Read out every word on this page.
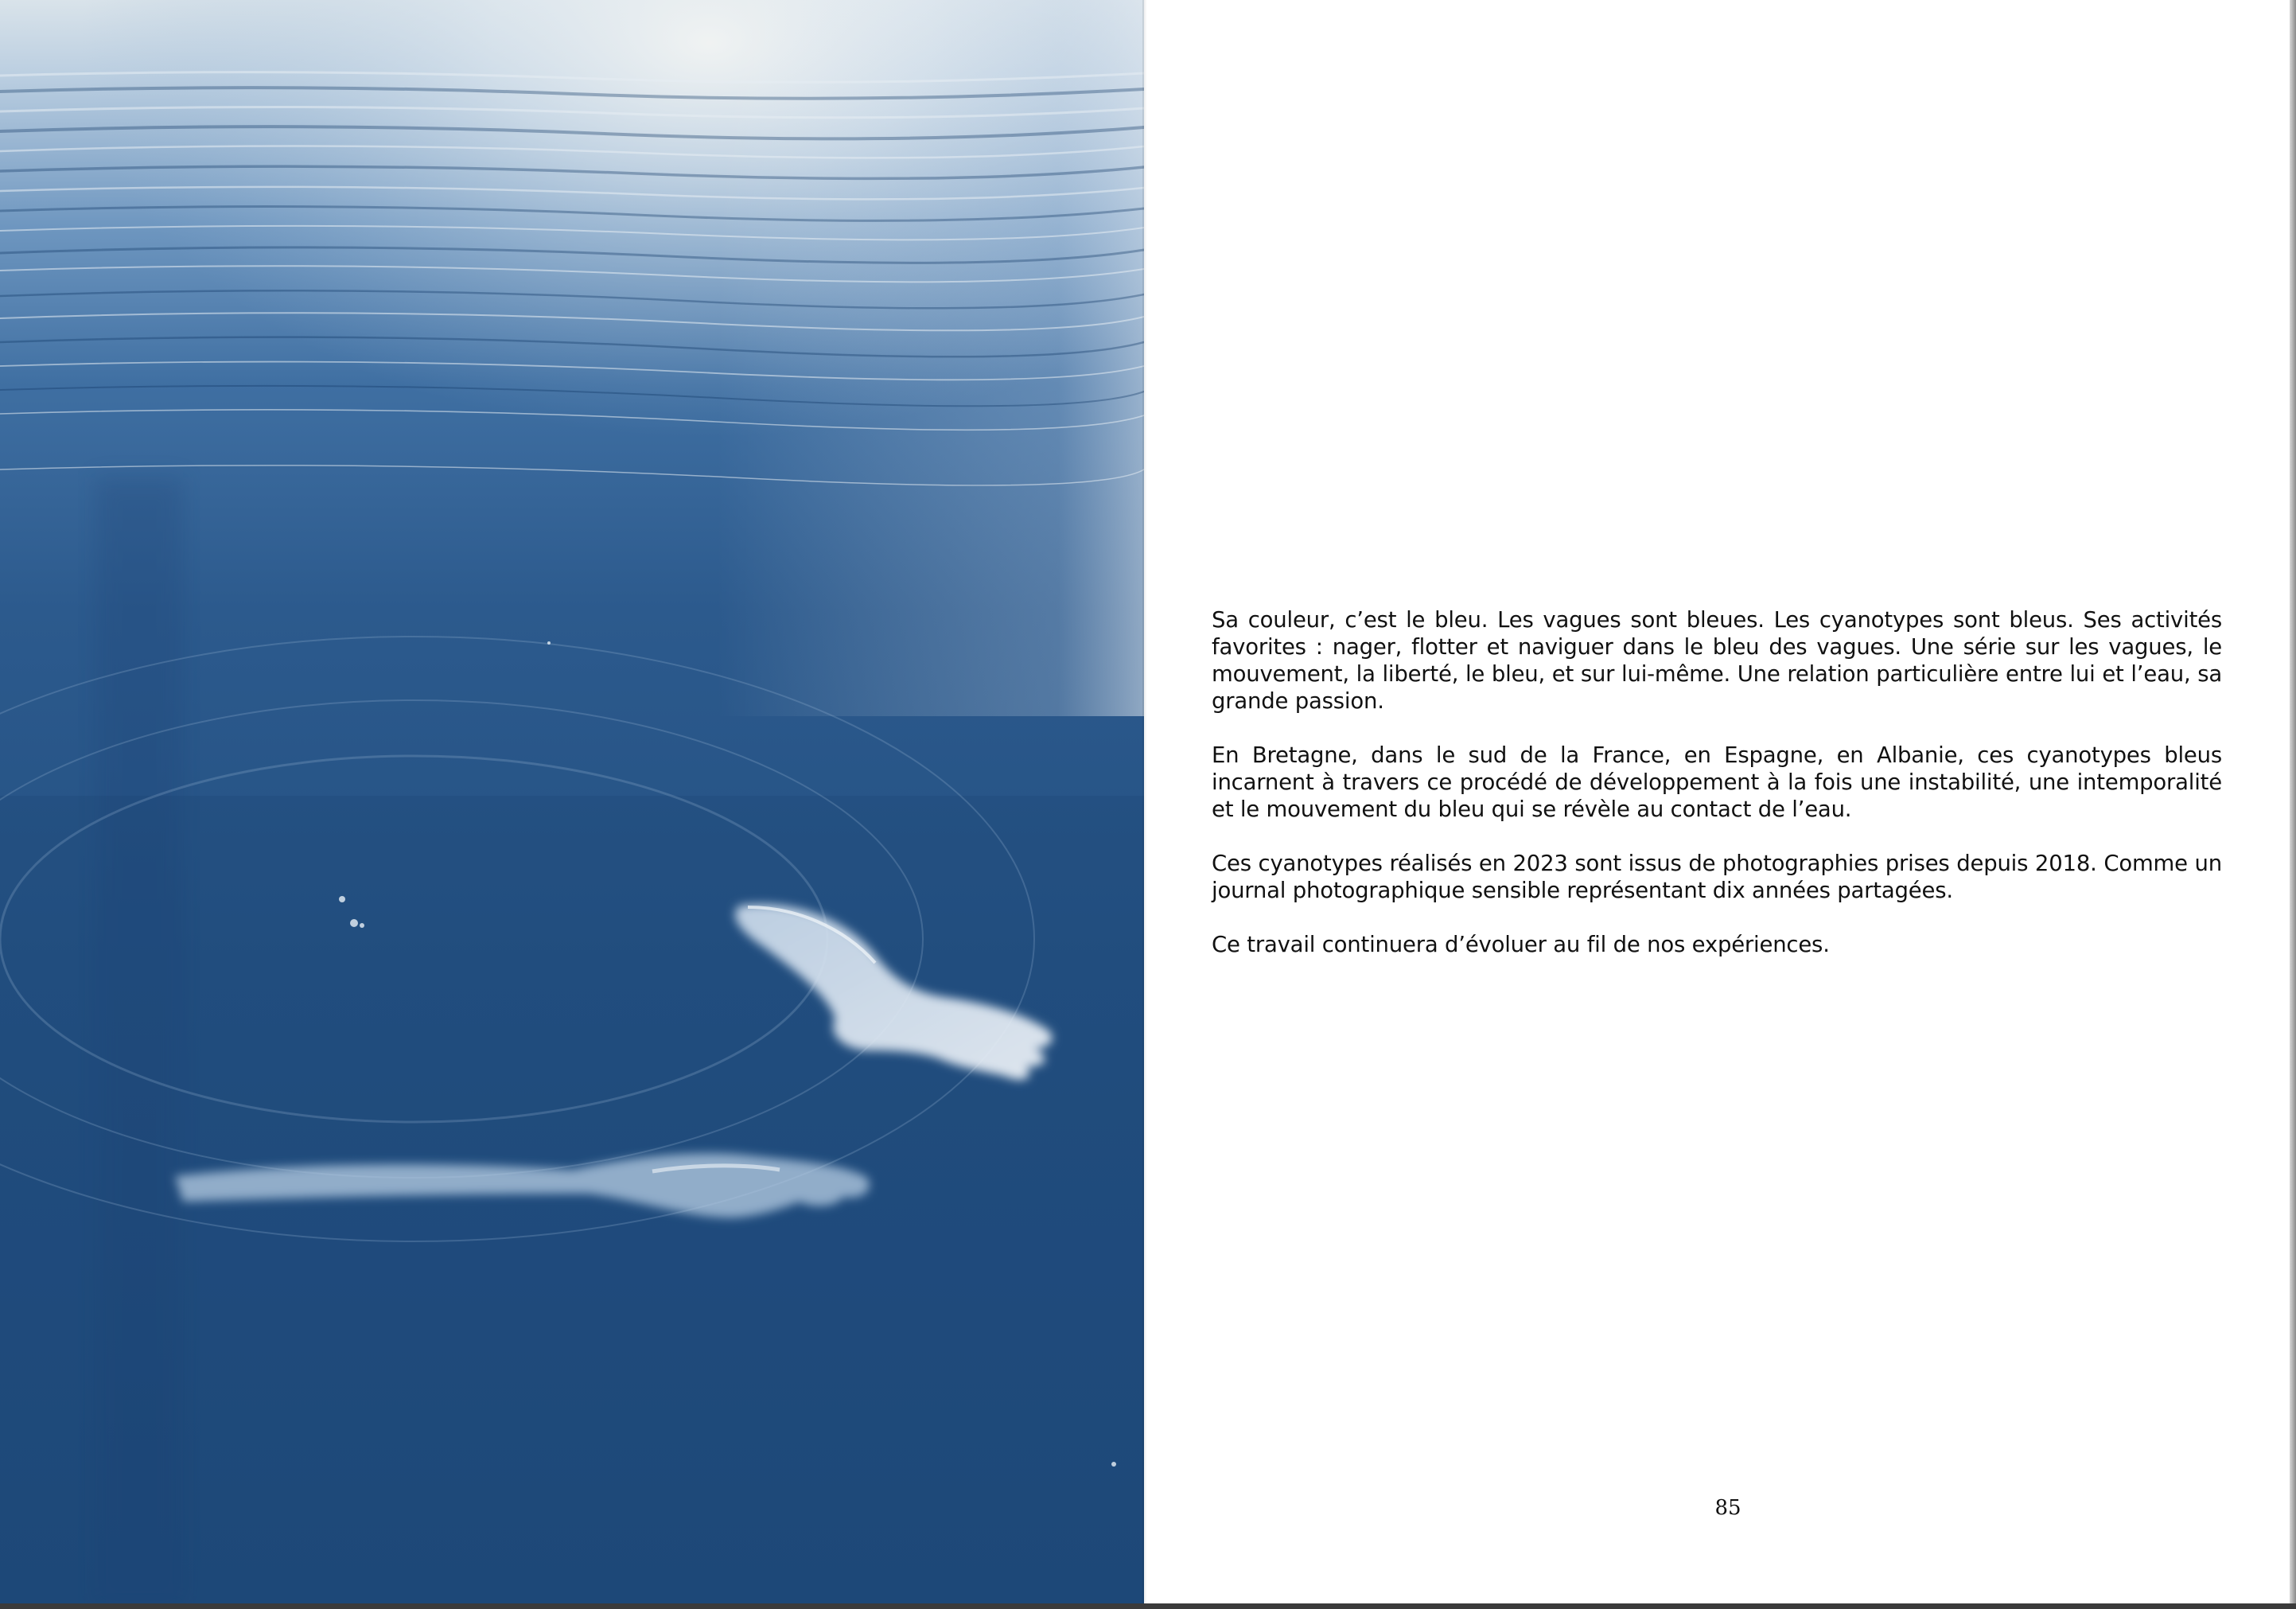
Sa couleur, c’est le bleu. Les vagues sont bleues. Les cyanotypes sont bleus. Ses activités favorites : nager, flotter et naviguer dans le bleu des vagues. Une série sur les vagues, le mouvement, la liberté, le bleu, et sur lui-même. Une relation particulière entre lui et l’eau, sa grande passion.

En Bretagne, dans le sud de la France, en Espagne, en Albanie, ces cyanotypes bleus incarnent à travers ce procédé de développement à la fois une instabilité, une intemporalité et le mouvement du bleu qui se révèle au contact de l’eau.

Ces cyanotypes réalisés en 2023 sont issus de photographies prises depuis 2018. Comme un journal photographique sensible représentant dix années partagées.

Ce travail continuera d’évoluer au fil de nos expériences.

85
